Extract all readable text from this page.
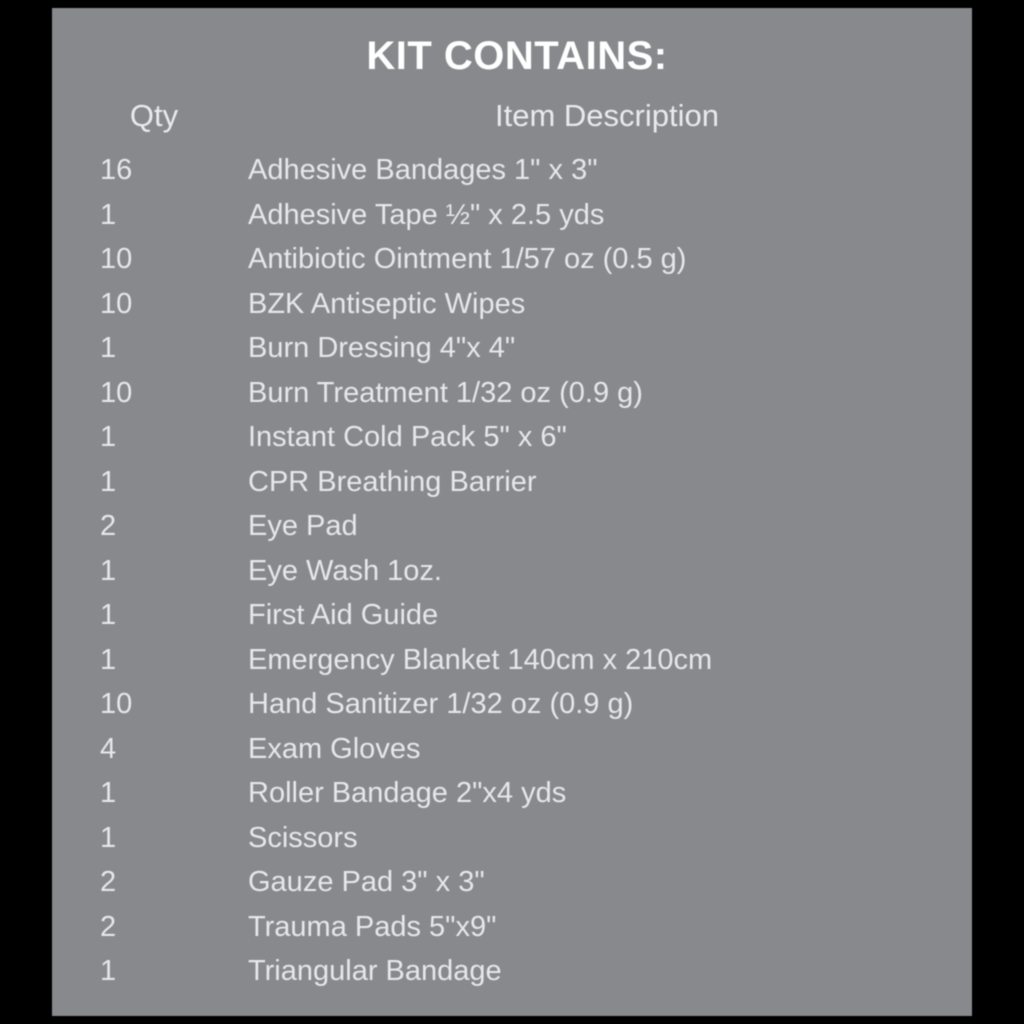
KIT CONTAINS:
Qty	Item Description
16	Adhesive Bandages 1" x 3"
1	Adhesive Tape ½" x 2.5 yds
10	Antibiotic Ointment 1/57 oz (0.5 g)
10	BZK Antiseptic Wipes
1	Burn Dressing 4"x 4"
10	Burn Treatment 1/32 oz (0.9 g)
1	Instant Cold Pack 5" x 6"
1	CPR Breathing Barrier
2	Eye Pad
1	Eye Wash 1oz.
1	First Aid Guide
1	Emergency Blanket 140cm x 210cm
10	Hand Sanitizer 1/32 oz (0.9 g)
4	Exam Gloves
1	Roller Bandage 2"x4 yds
1	Scissors
2	Gauze Pad 3" x 3"
2	Trauma Pads 5"x9"
1	Triangular Bandage
